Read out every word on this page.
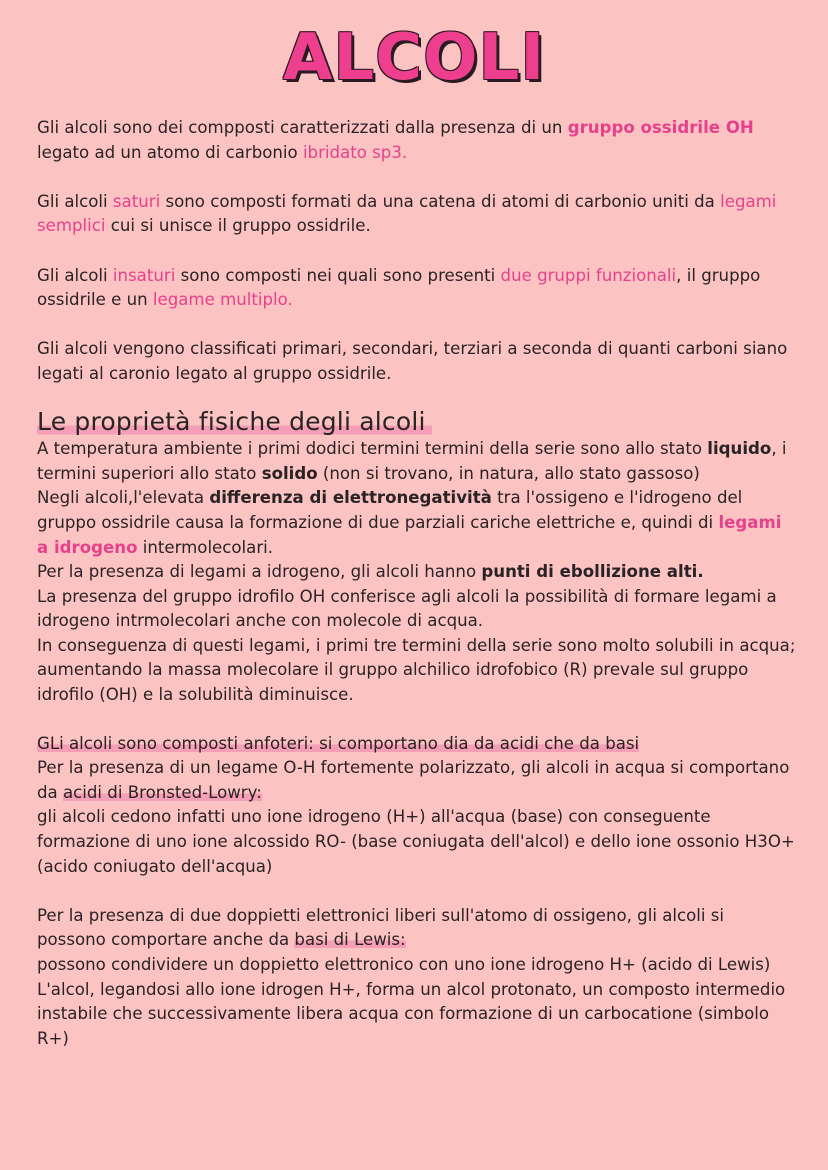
ALCOLI

Gli alcoli sono dei compposti caratterizzati dalla presenza di un gruppo ossidrile OH legato ad un atomo di carbonio ibridato sp3.

Gli alcoli saturi sono composti formati da una catena di atomi di carbonio uniti da legami semplici cui si unisce il gruppo ossidrile.

Gli alcoli insaturi sono composti nei quali sono presenti due gruppi funzionali, il gruppo ossidrile e un legame multiplo.

Gli alcoli vengono classificati primari, secondari, terziari a seconda di quanti carboni siano legati al caronio legato al gruppo ossidrile.

Le proprietà fisiche degli alcoli

A temperatura ambiente i primi dodici termini termini della serie sono allo stato liquido, i termini superiori allo stato solido (non si trovano, in natura, allo stato gassoso)

Negli alcoli,l'elevata differenza di elettronegatività tra l'ossigeno e l'idrogeno del gruppo ossidrile causa la formazione di due parziali cariche elettriche e, quindi di legami a idrogeno intermolecolari.

Per la presenza di legami a idrogeno, gli alcoli hanno punti di ebollizione alti.

La presenza del gruppo idrofilo OH conferisce agli alcoli la possibilità di formare legami a idrogeno intrmolecolari anche con molecole di acqua.

In conseguenza di questi legami, i primi tre termini della serie sono molto solubili in acqua; aumentando la massa molecolare il gruppo alchilico idrofobico (R) prevale sul gruppo idrofilo (OH) e la solubilità diminuisce.

GLi alcoli sono composti anfoteri: si comportano dia da acidi che da basi

Per la presenza di un legame O-H fortemente polarizzato, gli alcoli in acqua si comportano da acidi di Bronsted-Lowry:

gli alcoli cedono infatti uno ione idrogeno (H+) all'acqua (base) con conseguente formazione di uno ione alcossido RO- (base coniugata dell'alcol) e dello ione ossonio H3O+ (acido coniugato dell'acqua)

Per la presenza di due doppietti elettronici liberi sull'atomo di ossigeno, gli alcoli si possono comportare anche da basi di Lewis:

possono condividere un doppietto elettronico con uno ione idrogeno H+ (acido di Lewis)

L'alcol, legandosi allo ione idrogen H+, forma un alcol protonato, un composto intermedio instabile che successivamente libera acqua con formazione di un carbocatione (simbolo R+)
